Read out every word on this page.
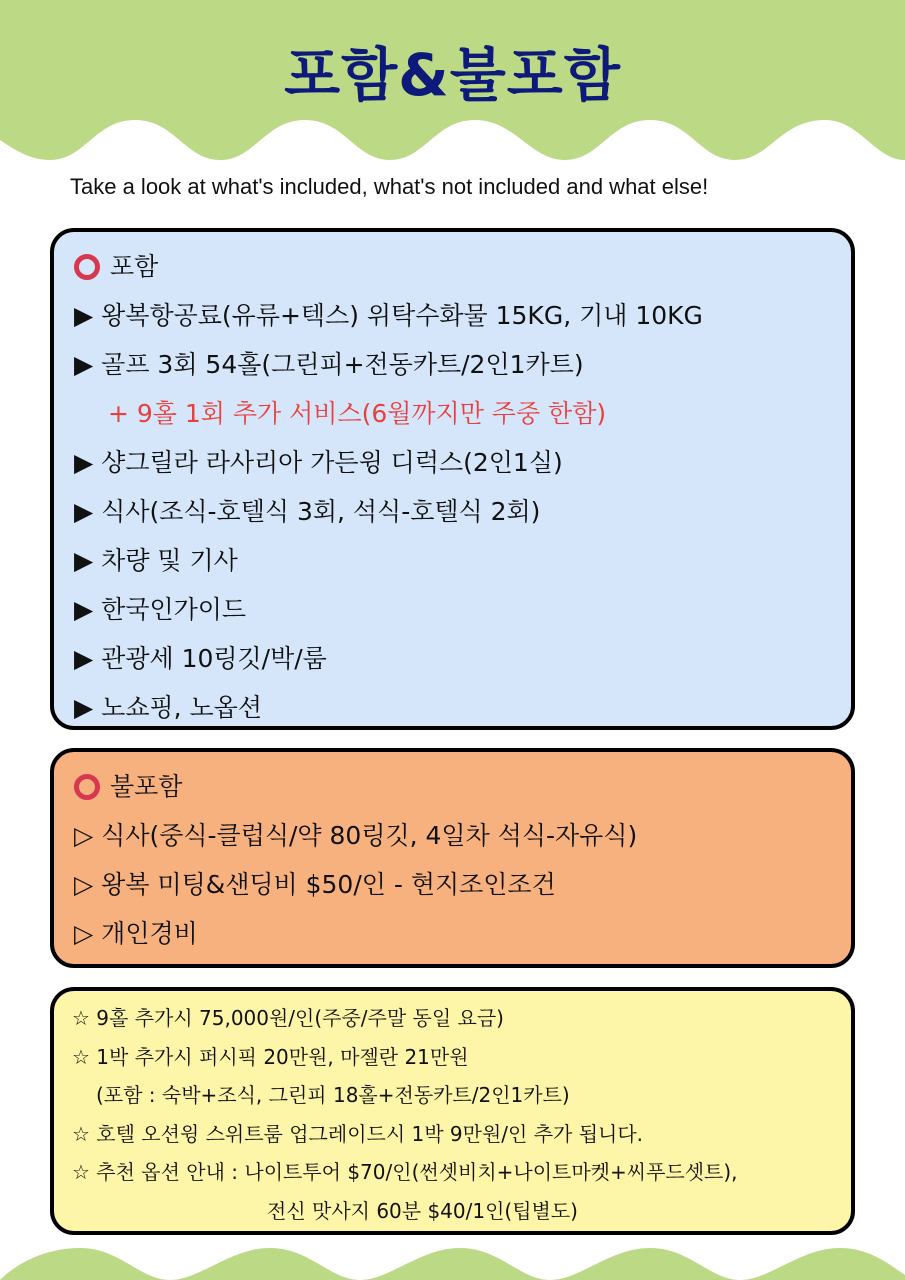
포함&불포함
Take a look at what's included, what's not included and what else!
포함
▶ 왕복항공료(유류+텍스) 위탁수화물 15KG, 기내 10KG
▶ 골프 3회 54홀(그린피+전동카트/2인1카트)
+ 9홀 1회 추가 서비스(6월까지만 주중 한함)
▶ 샹그릴라 라사리아 가든윙 디럭스(2인1실)
▶ 식사(조식-호텔식 3회, 석식-호텔식 2회)
▶ 차량 및 기사
▶ 한국인가이드
▶ 관광세 10링깃/박/룸
▶ 노쇼핑, 노옵션
불포함
▷ 식사(중식-클럽식/약 80링깃, 4일차 석식-자유식)
▷ 왕복 미팅&샌딩비 $50/인 - 현지조인조건
▷ 개인경비
☆ 9홀 추가시 75,000원/인(주중/주말 동일 요금)
☆ 1박 추가시 퍼시픽 20만원, 마젤란 21만원
(포함 : 숙박+조식, 그린피 18홀+전동카트/2인1카트)
☆ 호텔 오션윙 스위트룸 업그레이드시 1박 9만원/인 추가 됩니다.
☆ 추천 옵션 안내 : 나이트투어 $70/인(썬셋비치+나이트마켓+씨푸드셋트),
전신 맛사지 60분 $40/1인(팁별도)
